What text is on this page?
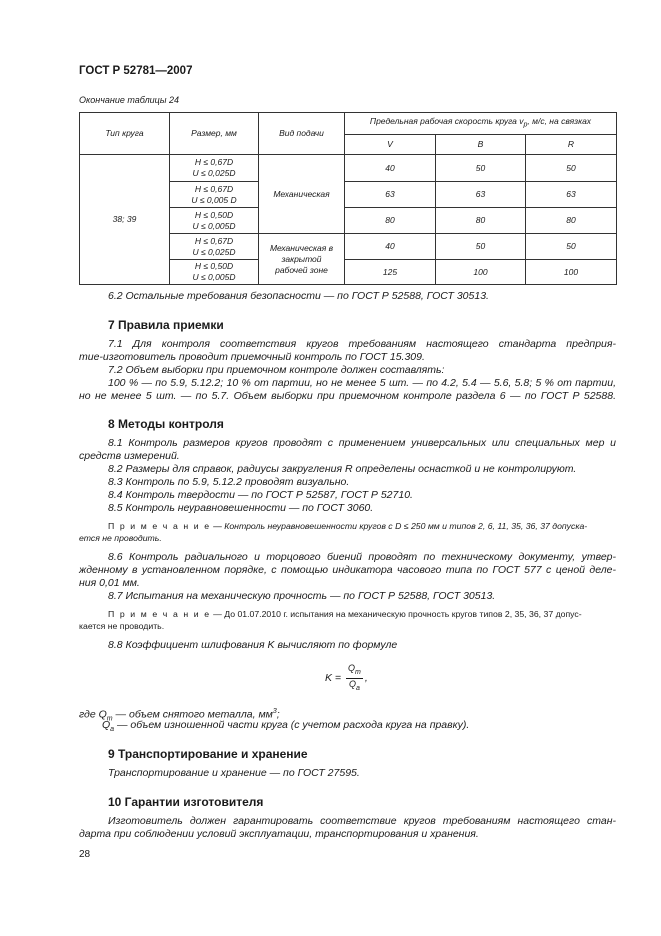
ГОСТ Р 52781—2007
Окончание таблицы 24
Тип круга	Размер, мм	Вид подачи	Предельная рабочая скорость круга $v_р$, м/с, на связках		
			V	B	R
38; 39	H ≤ 0,67D
U ≤ 0,025D	Механическая	40	50	50
	H ≤ 0,67D
U ≤ 0,005 D		63	63	63
	H ≤ 0,50D
U ≤ 0,005D		80	80	80
	H ≤ 0,67D
U ≤ 0,025D	Механическая в закрытой рабочей зоне	40	50	50
	H ≤ 0,50D
U ≤ 0,005D		125	100	100
6.2 Остальные требования безопасности — по ГОСТ Р 52588, ГОСТ 30513.
7 Правила приемки
7.1 Для контроля соответствия кругов требованиям настоящего стандарта предприя-
тие-изготовитель проводит приемочный контроль по ГОСТ 15.309.
7.2 Объем выборки при приемочном контроле должен составлять:
100 % — по 5.9, 5.12.2; 10 % от партии, но не менее 5 шт. — по 4.2, 5.4 — 5.6, 5.8; 5 % от партии,
но не менее 5 шт. — по 5.7. Объем выборки при приемочном контроле раздела 6 — по ГОСТ Р 52588.
8 Методы контроля
8.1 Контроль размеров кругов проводят с применением универсальных или специальных мер и
средств измерений.
8.2 Размеры для справок, радиусы закругления R определены оснасткой и не контролируют.
8.3 Контроль по 5.9, 5.12.2 проводят визуально.
8.4 Контроль твердости — по ГОСТ Р 52587, ГОСТ Р 52710.
8.5 Контроль неуравновешенности — по ГОСТ 3060.
П р и м е ч а н и е — Контроль неуравновешенности кругов с D ≤ 250 мм и типов 2, 6, 11, 35, 36, 37 допуска-
ется не проводить.
8.6 Контроль радиального и торцового биений проводят по техническому документу, утвер-
жденному в установленном порядке, с помощью индикатора часового типа по ГОСТ 577 с ценой деле-
ния 0,01 мм.
8.7 Испытания на механическую прочность — по ГОСТ Р 52588, ГОСТ 30513.
П р и м е ч а н и е — До 01.07.2010 г. испытания на механическую прочность кругов типов 2, 35, 36, 37 допус-
кается не проводить.
8.8 Коэффициент шлифования K вычисляют по формуле
$K = \frac{Q_m}{Q_a}$ ,
где $Q_m$ — объем снятого металла, $мм^3$;
$Q_a$ — объем изношенной части круга (с учетом расхода круга на правку).
9 Транспортирование и хранение
Транспортирование и хранение — по ГОСТ 27595.
10 Гарантии изготовителя
Изготовитель должен гарантировать соответствие кругов требованиям настоящего стан-
дарта при соблюдении условий эксплуатации, транспортирования и хранения.
28
